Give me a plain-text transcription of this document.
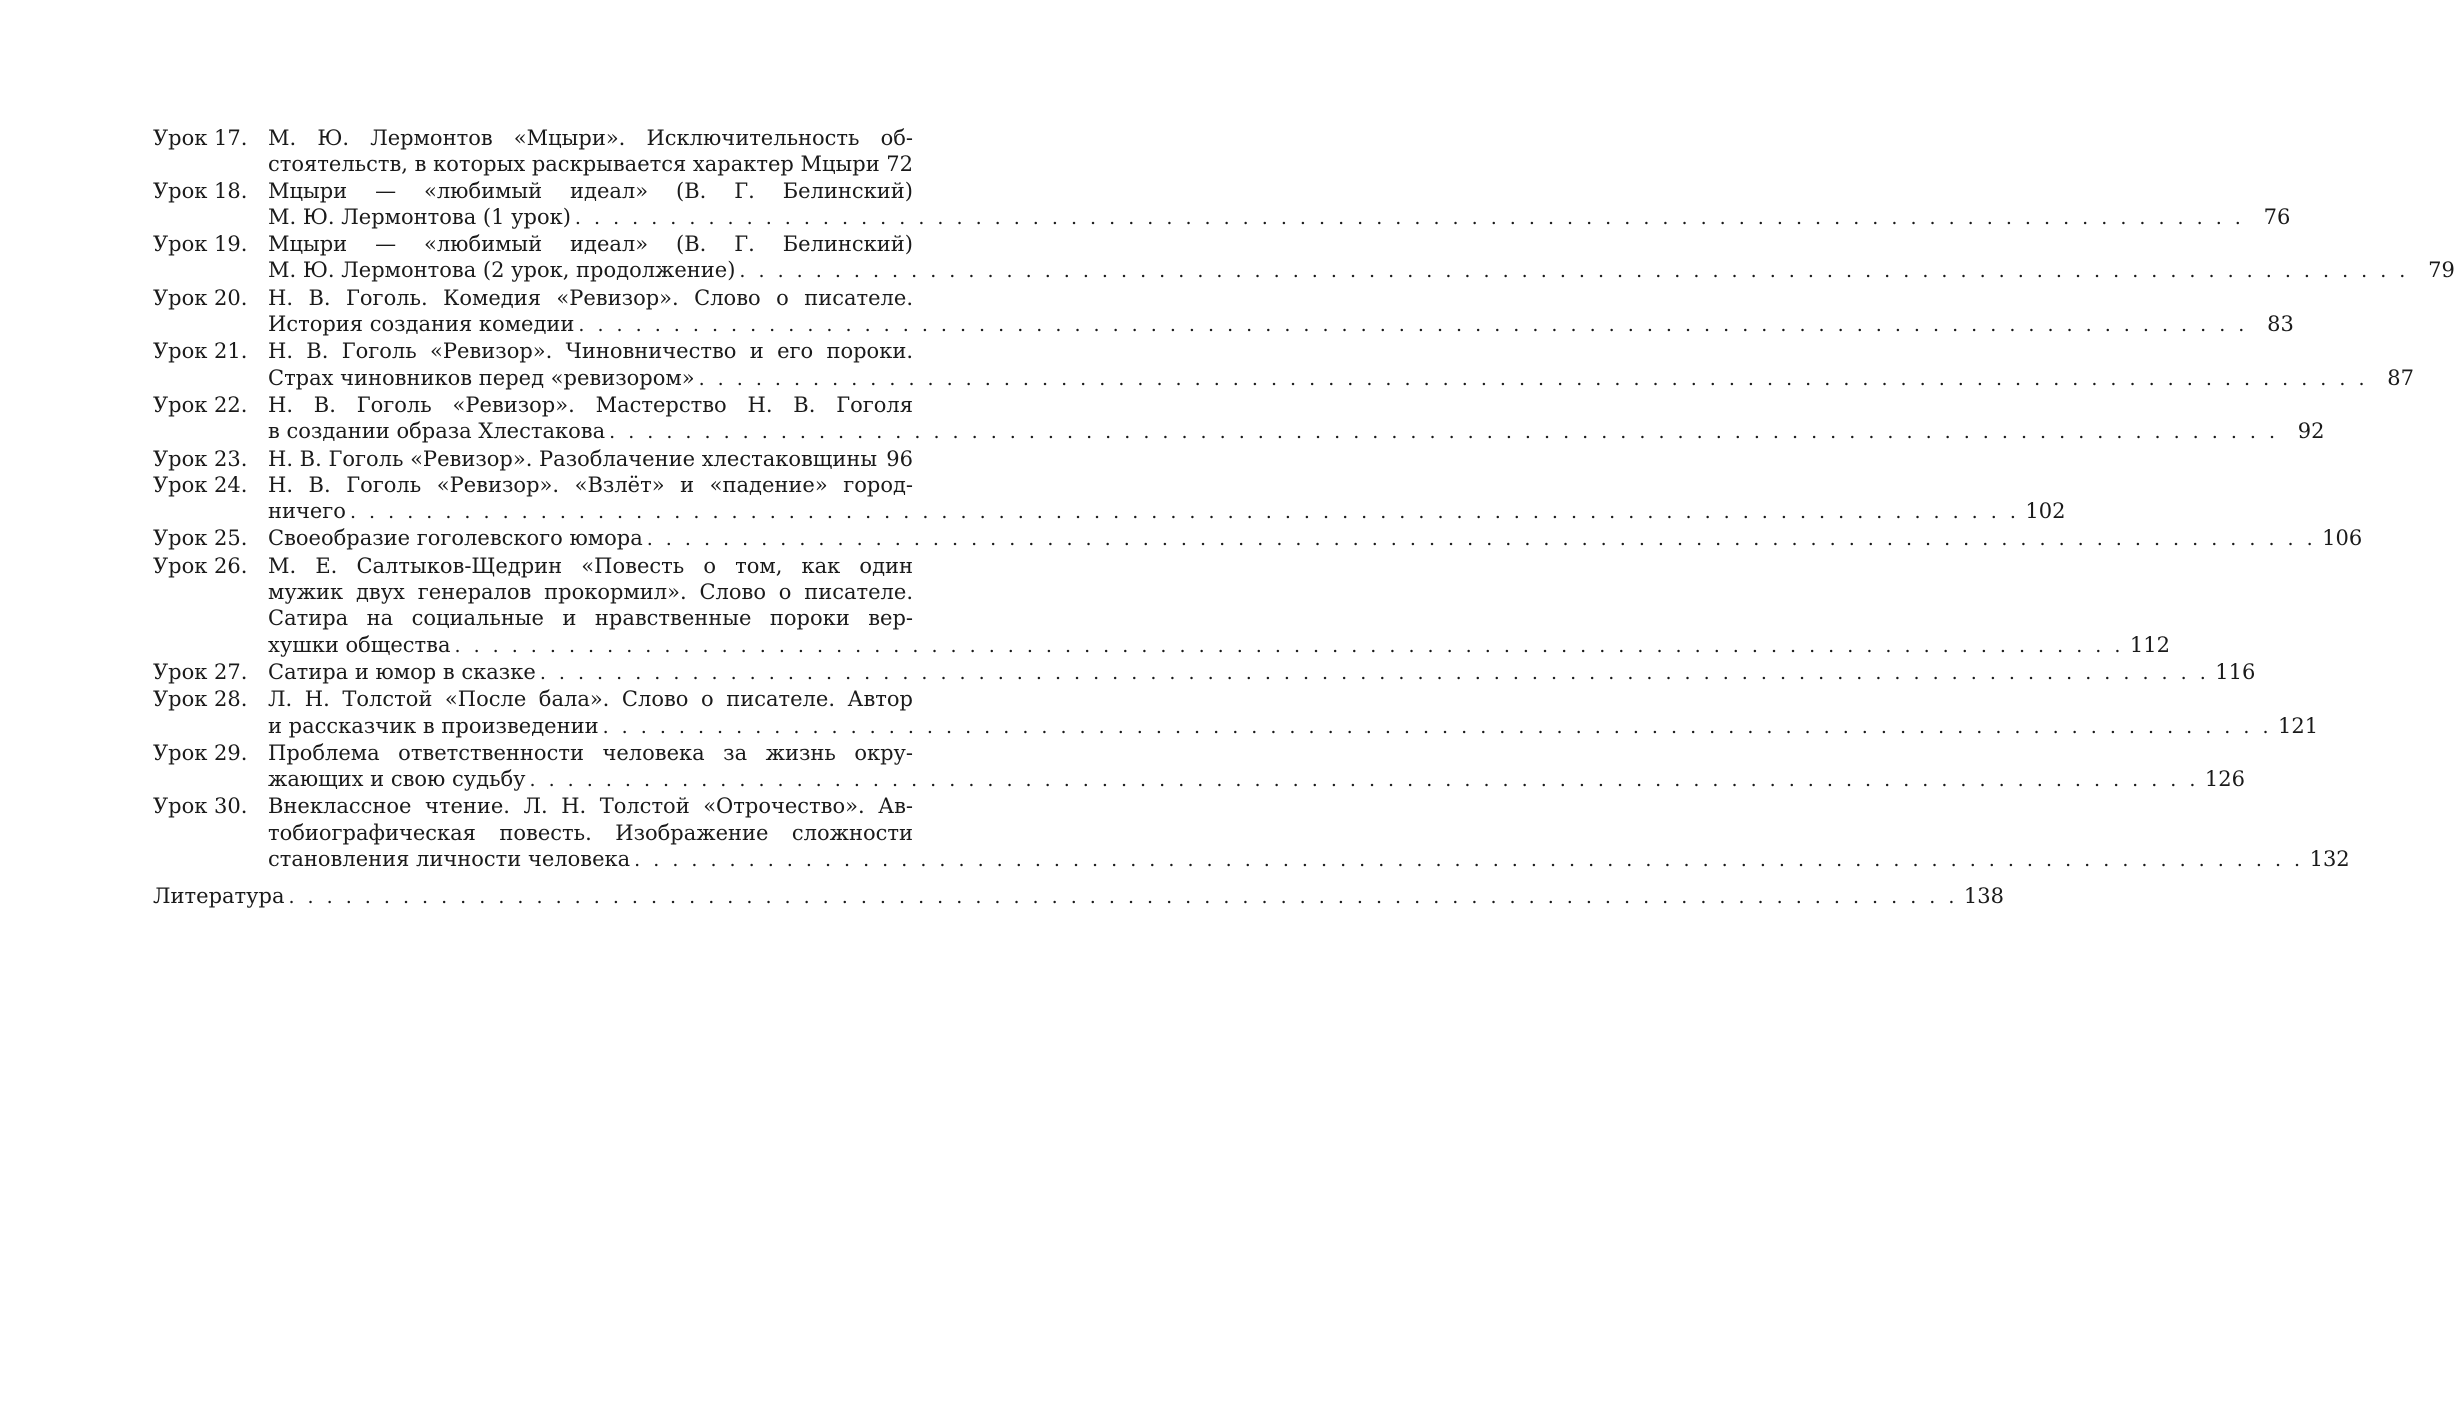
Урок 17. М. Ю. Лермонтов «Мцыри». Исключительность об-
стоятельств, в которых раскрывается характер Мцыри 72
Урок 18. Мцыри — «любимый идеал» (В. Г. Белинский)
М. Ю. Лермонтова (1 урок) . . . . . . . . . . . . . . . . . . . . . . . . . . . . . . . . . . . . . . . . . . . . . . . . . . . . . . . . . . . . . . . . . . . . . . . . . . . . . . . . . . . . . . . . 76
Урок 19. Мцыри — «любимый идеал» (В. Г. Белинский)
М. Ю. Лермонтова (2 урок, продолжение) . . . . . . . . . . . . . . . . . . . . . . . . . . . . . . . . . . . . . . . . . . . . . . . . . . . . . . . . . . . . . . . . . . . . . . . . . . . . . . . . . . . . . . . . 79
Урок 20. Н. В. Гоголь. Комедия «Ревизор». Слово о писателе.
История создания комедии . . . . . . . . . . . . . . . . . . . . . . . . . . . . . . . . . . . . . . . . . . . . . . . . . . . . . . . . . . . . . . . . . . . . . . . . . . . . . . . . . . . . . . . . 83
Урок 21. Н. В. Гоголь «Ревизор». Чиновничество и его пороки.
Страх чиновников перед «ревизором» . . . . . . . . . . . . . . . . . . . . . . . . . . . . . . . . . . . . . . . . . . . . . . . . . . . . . . . . . . . . . . . . . . . . . . . . . . . . . . . . . . . . . . . . 87
Урок 22. Н. В. Гоголь «Ревизор». Мастерство Н. В. Гоголя
в создании образа Хлестакова . . . . . . . . . . . . . . . . . . . . . . . . . . . . . . . . . . . . . . . . . . . . . . . . . . . . . . . . . . . . . . . . . . . . . . . . . . . . . . . . . . . . . . . . 92
Урок 23. Н. В. Гоголь «Ревизор». Разоблачение хлестаковщины 96
Урок 24. Н. В. Гоголь «Ревизор». «Взлёт» и «падение» город-
ничего . . . . . . . . . . . . . . . . . . . . . . . . . . . . . . . . . . . . . . . . . . . . . . . . . . . . . . . . . . . . . . . . . . . . . . . . . . . . . . . . . . . . . . . . 102
Урок 25. Своеобразие гоголевского юмора . . . . . . . . . . . . . . . . . . . . . . . . . . . . . . . . . . . . . . . . . . . . . . . . . . . . . . . . . . . . . . . . . . . . . . . . . . . . . . . . . . . . . . . . 106
Урок 26. М. Е. Салтыков-Щедрин «Повесть о том, как один
мужик двух генералов прокормил». Слово о писателе.
Сатира на социальные и нравственные пороки вер-
хушки общества . . . . . . . . . . . . . . . . . . . . . . . . . . . . . . . . . . . . . . . . . . . . . . . . . . . . . . . . . . . . . . . . . . . . . . . . . . . . . . . . . . . . . . . . 112
Урок 27. Сатира и юмор в сказке . . . . . . . . . . . . . . . . . . . . . . . . . . . . . . . . . . . . . . . . . . . . . . . . . . . . . . . . . . . . . . . . . . . . . . . . . . . . . . . . . . . . . . . . 116
Урок 28. Л. Н. Толстой «После бала». Слово о писателе. Автор
и рассказчик в произведении . . . . . . . . . . . . . . . . . . . . . . . . . . . . . . . . . . . . . . . . . . . . . . . . . . . . . . . . . . . . . . . . . . . . . . . . . . . . . . . . . . . . . . . . 121
Урок 29. Проблема ответственности человека за жизнь окру-
жающих и свою судьбу . . . . . . . . . . . . . . . . . . . . . . . . . . . . . . . . . . . . . . . . . . . . . . . . . . . . . . . . . . . . . . . . . . . . . . . . . . . . . . . . . . . . . . . . 126
Урок 30. Внеклассное чтение. Л. Н. Толстой «Отрочество». Ав-
тобиографическая повесть. Изображение сложности
становления личности человека . . . . . . . . . . . . . . . . . . . . . . . . . . . . . . . . . . . . . . . . . . . . . . . . . . . . . . . . . . . . . . . . . . . . . . . . . . . . . . . . . . . . . . . . 132
Литература . . . . . . . . . . . . . . . . . . . . . . . . . . . . . . . . . . . . . . . . . . . . . . . . . . . . . . . . . . . . . . . . . . . . . . . . . . . . . . . . . . . . . . . . 138
